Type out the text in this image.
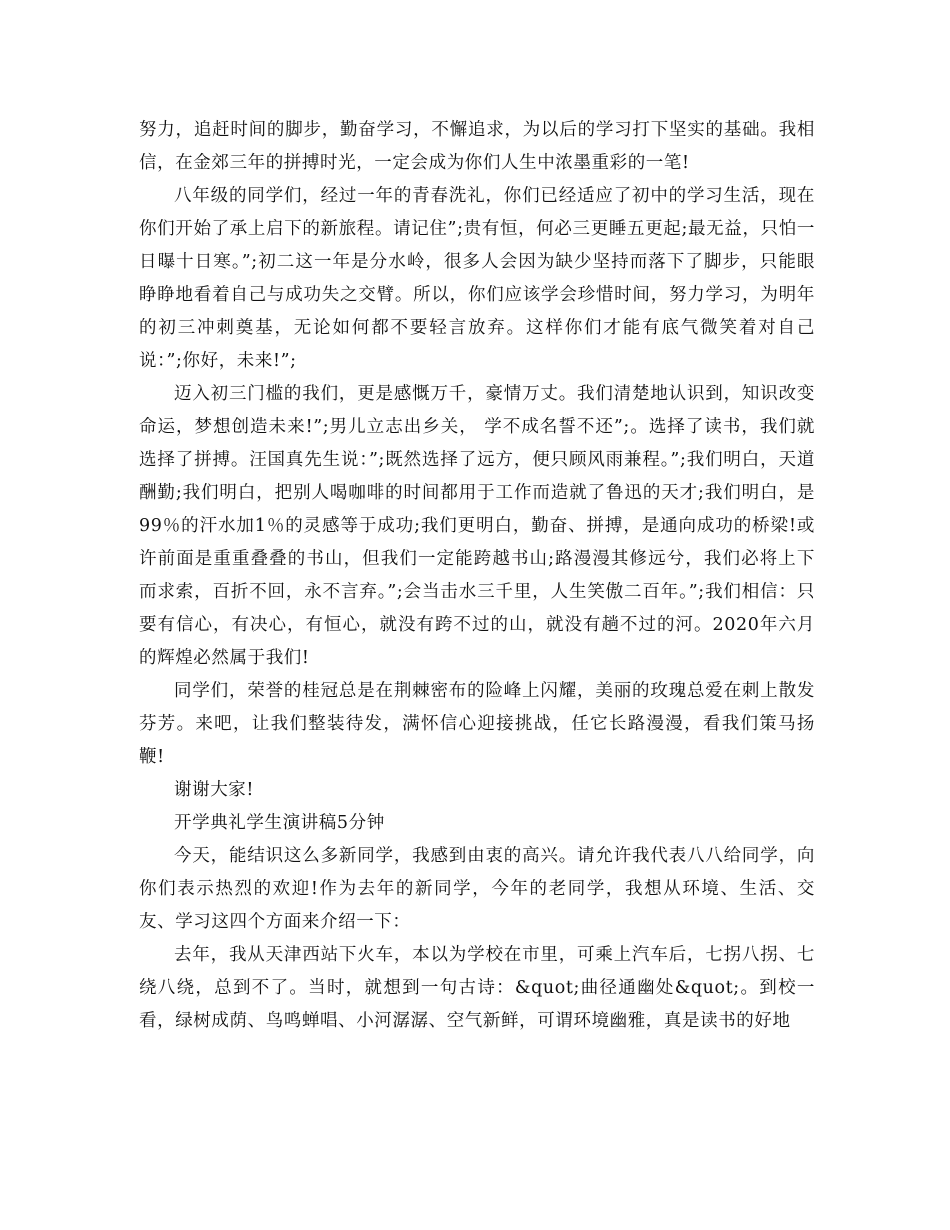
努力，追赶时间的脚步，勤奋学习，不懈追求，为以后的学习打下坚实的基础。我相信，在金郊三年的拼搏时光，一定会成为你们人生中浓墨重彩的一笔!

八年级的同学们，经过一年的青春洗礼，你们已经适应了初中的学习生活，现在你们开始了承上启下的新旅程。请记住”;贵有恒，何必三更睡五更起;最无益，只怕一日曝十日寒。”;初二这一年是分水岭，很多人会因为缺少坚持而落下了脚步，只能眼睁睁地看着自己与成功失之交臂。所以，你们应该学会珍惜时间，努力学习，为明年的初三冲刺奠基，无论如何都不要轻言放弃。这样你们才能有底气微笑着对自己说：”;你好，未来!”;

迈入初三门槛的我们，更是感慨万千，豪情万丈。我们清楚地认识到，知识改变命运，梦想创造未来!”;男儿立志出乡关， 学不成名誓不还”;。选择了读书，我们就选择了拼搏。汪国真先生说：”;既然选择了远方，便只顾风雨兼程。”;我们明白，天道酬勤;我们明白，把别人喝咖啡的时间都用于工作而造就了鲁迅的天才;我们明白，是99％的汗水加1％的灵感等于成功;我们更明白，勤奋、拼搏，是通向成功的桥梁!或许前面是重重叠叠的书山，但我们一定能跨越书山;路漫漫其修远兮，我们必将上下而求索，百折不回，永不言弃。”;会当击水三千里，人生笑傲二百年。”;我们相信：只要有信心，有决心，有恒心，就没有跨不过的山，就没有趟不过的河。2020年六月的辉煌必然属于我们!

同学们，荣誉的桂冠总是在荆棘密布的险峰上闪耀，美丽的玫瑰总爱在刺上散发芬芳。来吧，让我们整装待发，满怀信心迎接挑战，任它长路漫漫，看我们策马扬鞭!

谢谢大家!

开学典礼学生演讲稿5分钟

今天，能结识这么多新同学，我感到由衷的高兴。请允许我代表八八给同学，向你们表示热烈的欢迎!作为去年的新同学，今年的老同学，我想从环境、生活、交友、学习这四个方面来介绍一下：

去年，我从天津西站下火车，本以为学校在市里，可乘上汽车后，七拐八拐、七绕八绕，总到不了。当时，就想到一句古诗：&quot;曲径通幽处&quot;。到校一看，绿树成荫、鸟鸣蝉唱、小河潺潺、空气新鲜，可谓环境幽雅，真是读书的好地
